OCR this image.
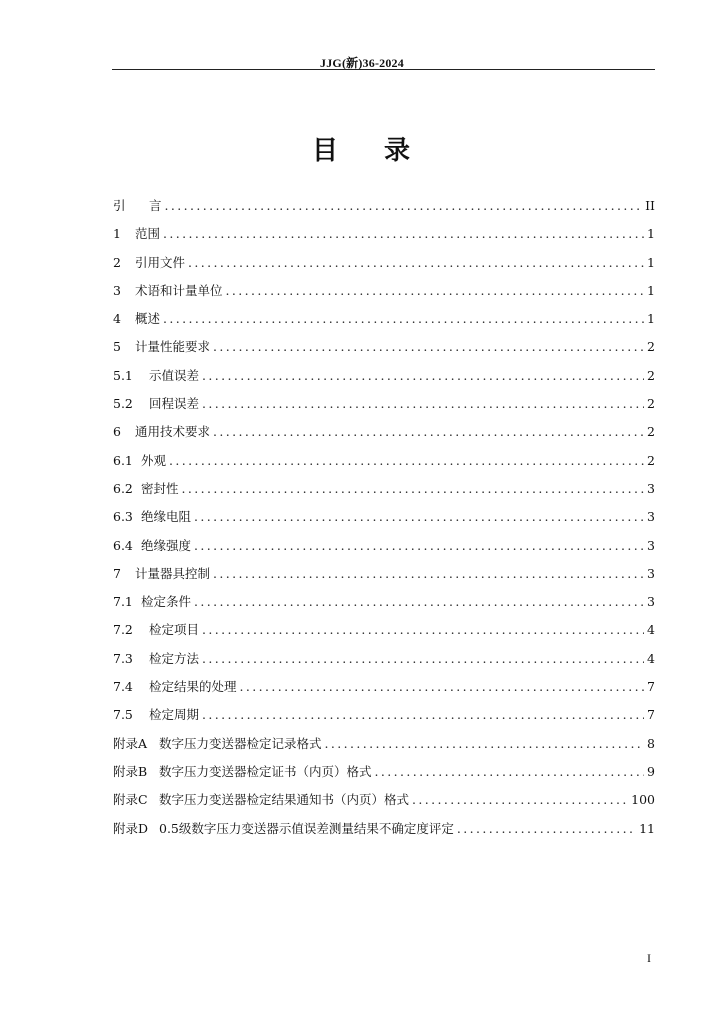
JJG(新)36-2024
目 录
引 言 .....	II
1 范围 .....	1
2 引用文件 .....	1
3 术语和计量单位 .....	1
4 概述 .....	1
5 计量性能要求 .....	2
5.1 示值误差 .....	2
5.2 回程误差 .....	2
6 通用技术要求 .....	2
6.1 外观 .....	2
6.2 密封性 .....	3
6.3 绝缘电阻 .....	3
6.4 绝缘强度 .....	3
7 计量器具控制 .....	3
7.1 检定条件 .....	3
7.2 检定项目 .....	4
7.3 检定方法 .....	4
7.4 检定结果的处理 .....	7
7.5 检定周期 .....	7
附录A 数字压力变送器检定记录格式 .....	8
附录B 数字压力变送器检定证书（内页）格式 .....	9
附录C 数字压力变送器检定结果通知书（内页）格式 .....	100
附录D 0.5级数字压力变送器示值误差测量结果不确定度评定 .....	11
I
